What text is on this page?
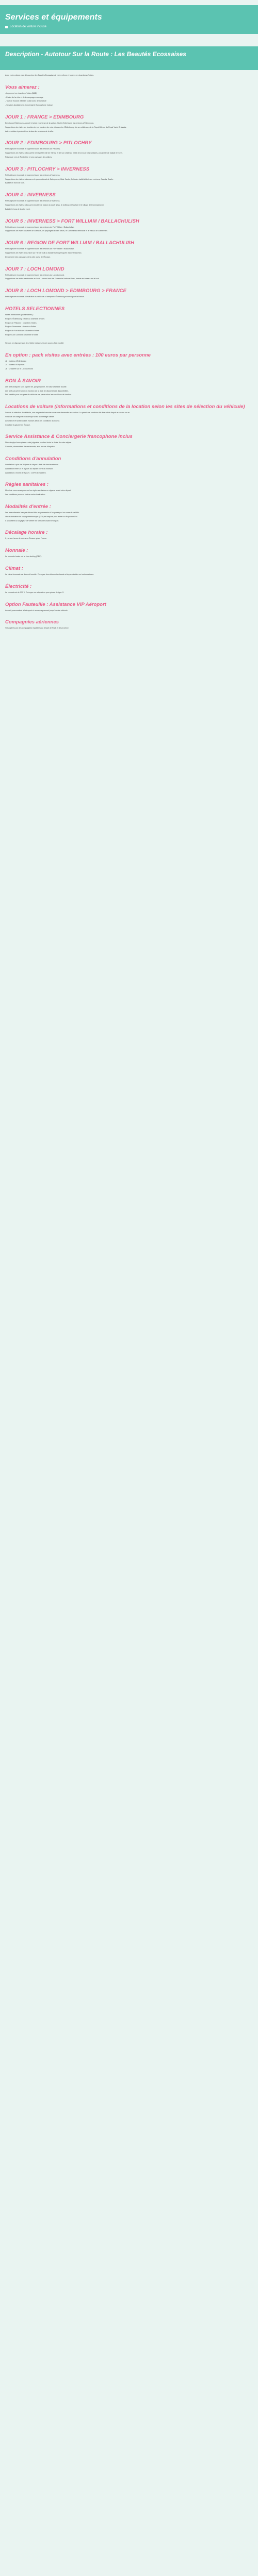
Services et équipements
Location de voiture incluse
Description - Autotour Sur la Route : Les Beautés Ecossaises

Avec votre voiture vous découvrirez les Beautés Ecossaises à votre rythme et logerez en chambres d'hôtes.

Vous aimerez :

- Logement en chambre d'hôtes (B&B)

- Écrins de la côte et de la campagne sauvage

- Tour de Ecosse d'Est en Ouest avec de la nature

- Services Assistance & Conciergerie francophone incluse

JOUR 1 : FRANCE > EDIMBOURG

Envol pour Édimbourg. Accueil et prise en charge de la voiture. Nuit à l'hôtel dans les environs d'Édimbourg.

Suggestions de visite : en fonction de vos horaires de vols, découverte d'Édimbourg, de ses châteaux, de la Royal Mile ou du Royal Yacht Britannia.

Autres visites à proximité ou à dans les environs de la ville.

JOUR 2 : EDIMBOURG > PITLOCHRY

Petit-déjeuner écossais et logement dans les environs de Pitlochry.

Suggestions de visites : découverte de la petite ville de Stirling et de son château. Visite de la route des whiskies, possibilité de balade en forêt.

Puis route vers le Perthshire et ses paysages de collines.

JOUR 3 : PITLOCHRY > INVERNESS

Petit-déjeuner écossais et logement dans les environs d'Inverness.

Suggestions de visites : découvrez le parc national de Cairngorms, Blair Castle, Culloden battlefield et ses environs, Cawdor Castle.

Balade en bord de loch.

JOUR 4 : INVERNESS

Petit-déjeuner écossais et logement dans les environs d'Inverness.

Suggestions de visites : découvrez la célèbre région du Loch Ness, le château d'Urquhart et le village de Drumnadrochit.

Balade le long de la côte nord.

JOUR 5 : INVERNESS > FORT WILLIAM / BALLACHULISH

Petit-déjeuner écossais et logement dans les environs de Fort William / Ballachulish.

Suggestions de visite : la vallée de Glencoe, les paysages du Ben Nevis, le Commando Memorial et le viaduc de Glenfinnan.

JOUR 6 : REGION DE FORT WILLIAM / BALLACHULISH

Petit-déjeuner écossais et logement dans les environs de Fort William / Ballachulish.

Suggestions de visite : excursion sur l'île de Mull ou balade sur la presqu'île d'Ardnamurchan.

Découverte des paysages de la côte ouest de l'Écosse.

JOUR 7 : LOCH LOMOND

Petit-déjeuner écossais et logement dans les environs du Loch Lomond.

Suggestions de visite : randonnée au Loch Lomond and the Trossachs National Park, balade en bateau sur le loch.

JOUR 8 : LOCH LOMOND > EDIMBOURG > FRANCE

Petit-déjeuner écossais. Restitution du véhicule à l'aéroport d'Édimbourg et envol pour la France.

HOTELS SELECTIONNES

Hôtels mentionnés (ou similaires) :

Région d'Édimbourg : Hôtel ou chambre d'hôtes

Région de Pitlochry : chambre d'hôtes

Région d'Inverness : chambre d'hôtes

Région de Fort William : chambre d'hôtes

Région Loch Lomond : chambre d'hôtes

Si vous ne disposez pas des hôtels indiqués, le prix pourra être modifié.

En option : pack visites avec entrées : 100 euros par personne

J2 : château d'Édimbourg

J4 : château d'Urquhart

J6 : Croisière sur le Loch Lomond

BON À SAVOIR

Les tarifs indiqués sont à partir de, par personne, en base chambre double.

Les tarifs peuvent varier en fonction de la date de départ et des disponibilités.

Prix valable pour une prise de véhicule sur place selon les conditions de location.

Locations de voiture (informations et conditions de la location selon les sites de sélection du véhicule)

Lors de la sélection du véhicule, une empreinte bancaire vous sera demandée en caution. Le permis de conduire doit être valide depuis au moins un an.

Véhicule de catégorie économique avec kilométrage illimité.

Assurance et taxes locales incluses selon les conditions du loueur.

Conduite à gauche en Écosse.

Service Assistance & Conciergerie francophone inclus

Notre équipe francophone reste joignable pendant toute la durée de votre séjour.

Conseils, réservations de restaurants, aide en cas d'imprévu.

Conditions d'annulation

Annulation à plus de 30 jours du départ : frais de dossier retenus.

Annulation entre 30 et 8 jours du départ : 50% du montant.

Annulation à moins de 8 jours : 100% du montant.

Règles sanitaires :

Merci de vous renseigner sur les règles sanitaires en vigueur avant votre départ.

Les conditions peuvent évoluer selon la situation.

Modalités d'entrée :

Les ressortissants français doivent être en possession d'un passeport en cours de validité.

Une autorisation de voyage électronique (ETA) est requise pour entrer au Royaume-Uni.

Il appartient au voyageur de vérifier les formalités avant le départ.

Décalage horaire :

Il y a une heure de moins en Écosse qu'en France.

Monnaie :

La monnaie locale est la livre sterling (GBP).

Climat :

Le climat écossais est doux et humide. Prévoyez des vêtements chauds et imperméables en toutes saisons.

Électricité :

Le courant est de 230 V. Prévoyez un adaptateur pour prises de type G.

Option Fauteuille : Assistance VIP Aéroport

Accueil personnalisé à l'aéroport et accompagnement jusqu'à votre véhicule.

Compagnies aériennes

Vols opérés par des compagnies régulières au départ de Paris et de province.
